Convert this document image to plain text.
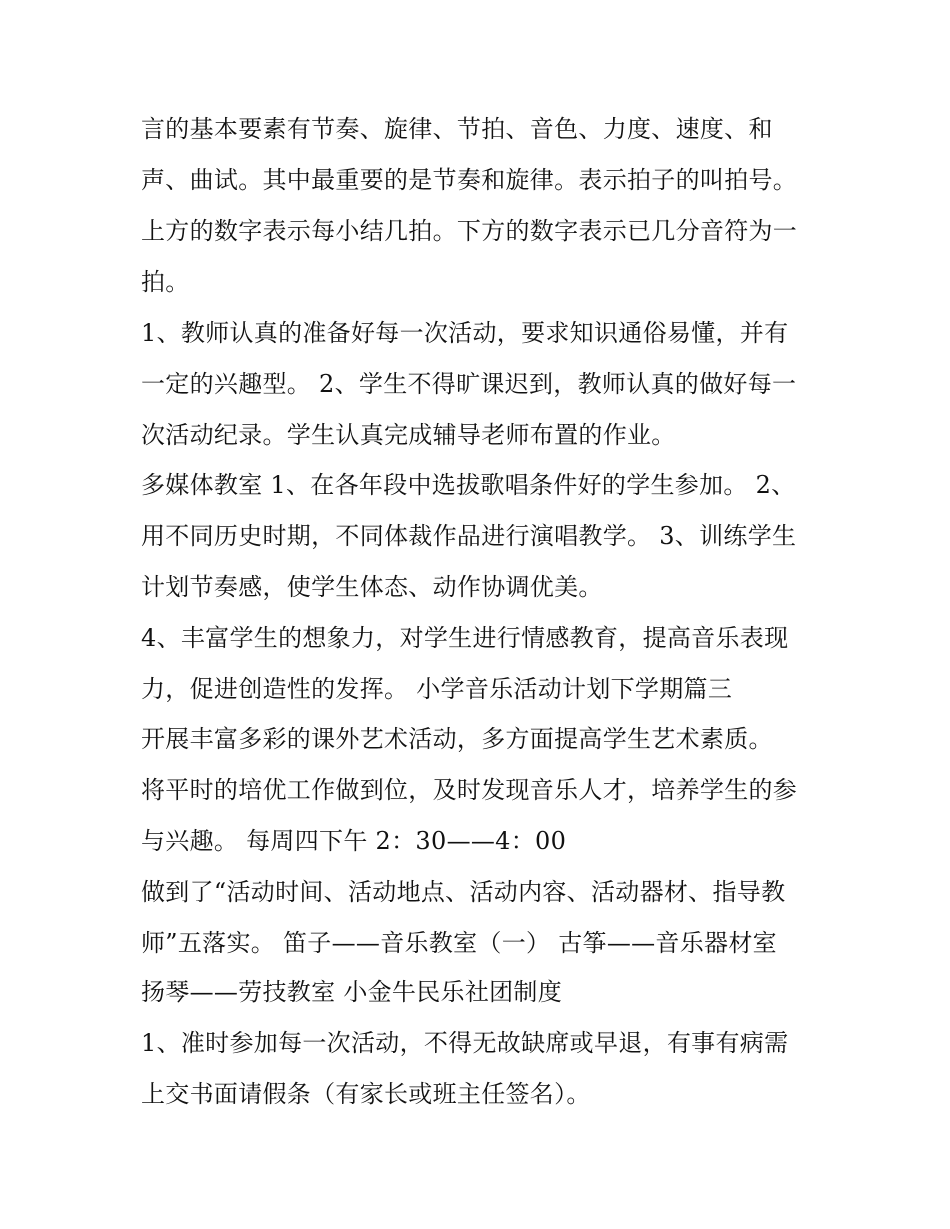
言的基本要素有节奏、旋律、节拍、音色、力度、速度、和
声、曲试。其中最重要的是节奏和旋律。表示拍子的叫拍号。
上方的数字表示每小结几拍。下方的数字表示已几分音符为一
拍。
1、教师认真的准备好每一次活动，要求知识通俗易懂，并有
一定的兴趣型。 2、学生不得旷课迟到，教师认真的做好每一
次活动纪录。学生认真完成辅导老师布置的作业。
多媒体教室 1、在各年段中选拔歌唱条件好的学生参加。 2、
用不同历史时期，不同体裁作品进行演唱教学。 3、训练学生
计划节奏感，使学生体态、动作协调优美。
4、丰富学生的想象力，对学生进行情感教育，提高音乐表现
力，促进创造性的发挥。 小学音乐活动计划下学期篇三
开展丰富多彩的课外艺术活动，多方面提高学生艺术素质。
将平时的培优工作做到位，及时发现音乐人才，培养学生的参
与兴趣。 每周四下午 2：30——4：00
做到了“活动时间、活动地点、活动内容、活动器材、指导教
师”五落实。 笛子——音乐教室（一） 古筝——音乐器材室
扬琴——劳技教室 小金牛民乐社团制度
1、准时参加每一次活动，不得无故缺席或早退，有事有病需
上交书面请假条（有家长或班主任签名）。
